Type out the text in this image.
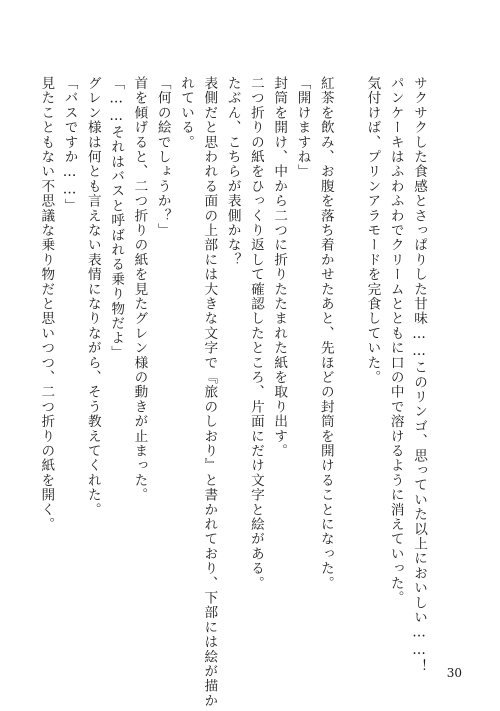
サクサクした食感とさっぱりした甘味……このリンゴ、思っていた以上においしい……！
パンケーキはふわふわでクリームとともに口の中で溶けるように消えていった。
気付けば、プリンアラモードを完食していた。
紅茶を飲み、お腹を落ち着かせたあと、先ほどの封筒を開けることになった。
「開けますね」
封筒を開け、中から二つに折りたたまれた紙を取り出す。
二つ折りの紙をひっくり返して確認したところ、片面にだけ文字と絵がある。
たぶん、こちらが表側かな？
表側だと思われる面の上部には大きな文字で『旅のしおり』と書かれており、下部には絵が描か
れている。
「何の絵でしょうか？」
首を傾げると、二つ折りの紙を見たグレン様の動きが止まった。
「……それはバスと呼ばれる乗り物だよ」
グレン様は何とも言えない表情になりながら、そう教えてくれた。
「バスですか……」
見たこともない不思議な乗り物だと思いつつ、二つ折りの紙を開く。
30
